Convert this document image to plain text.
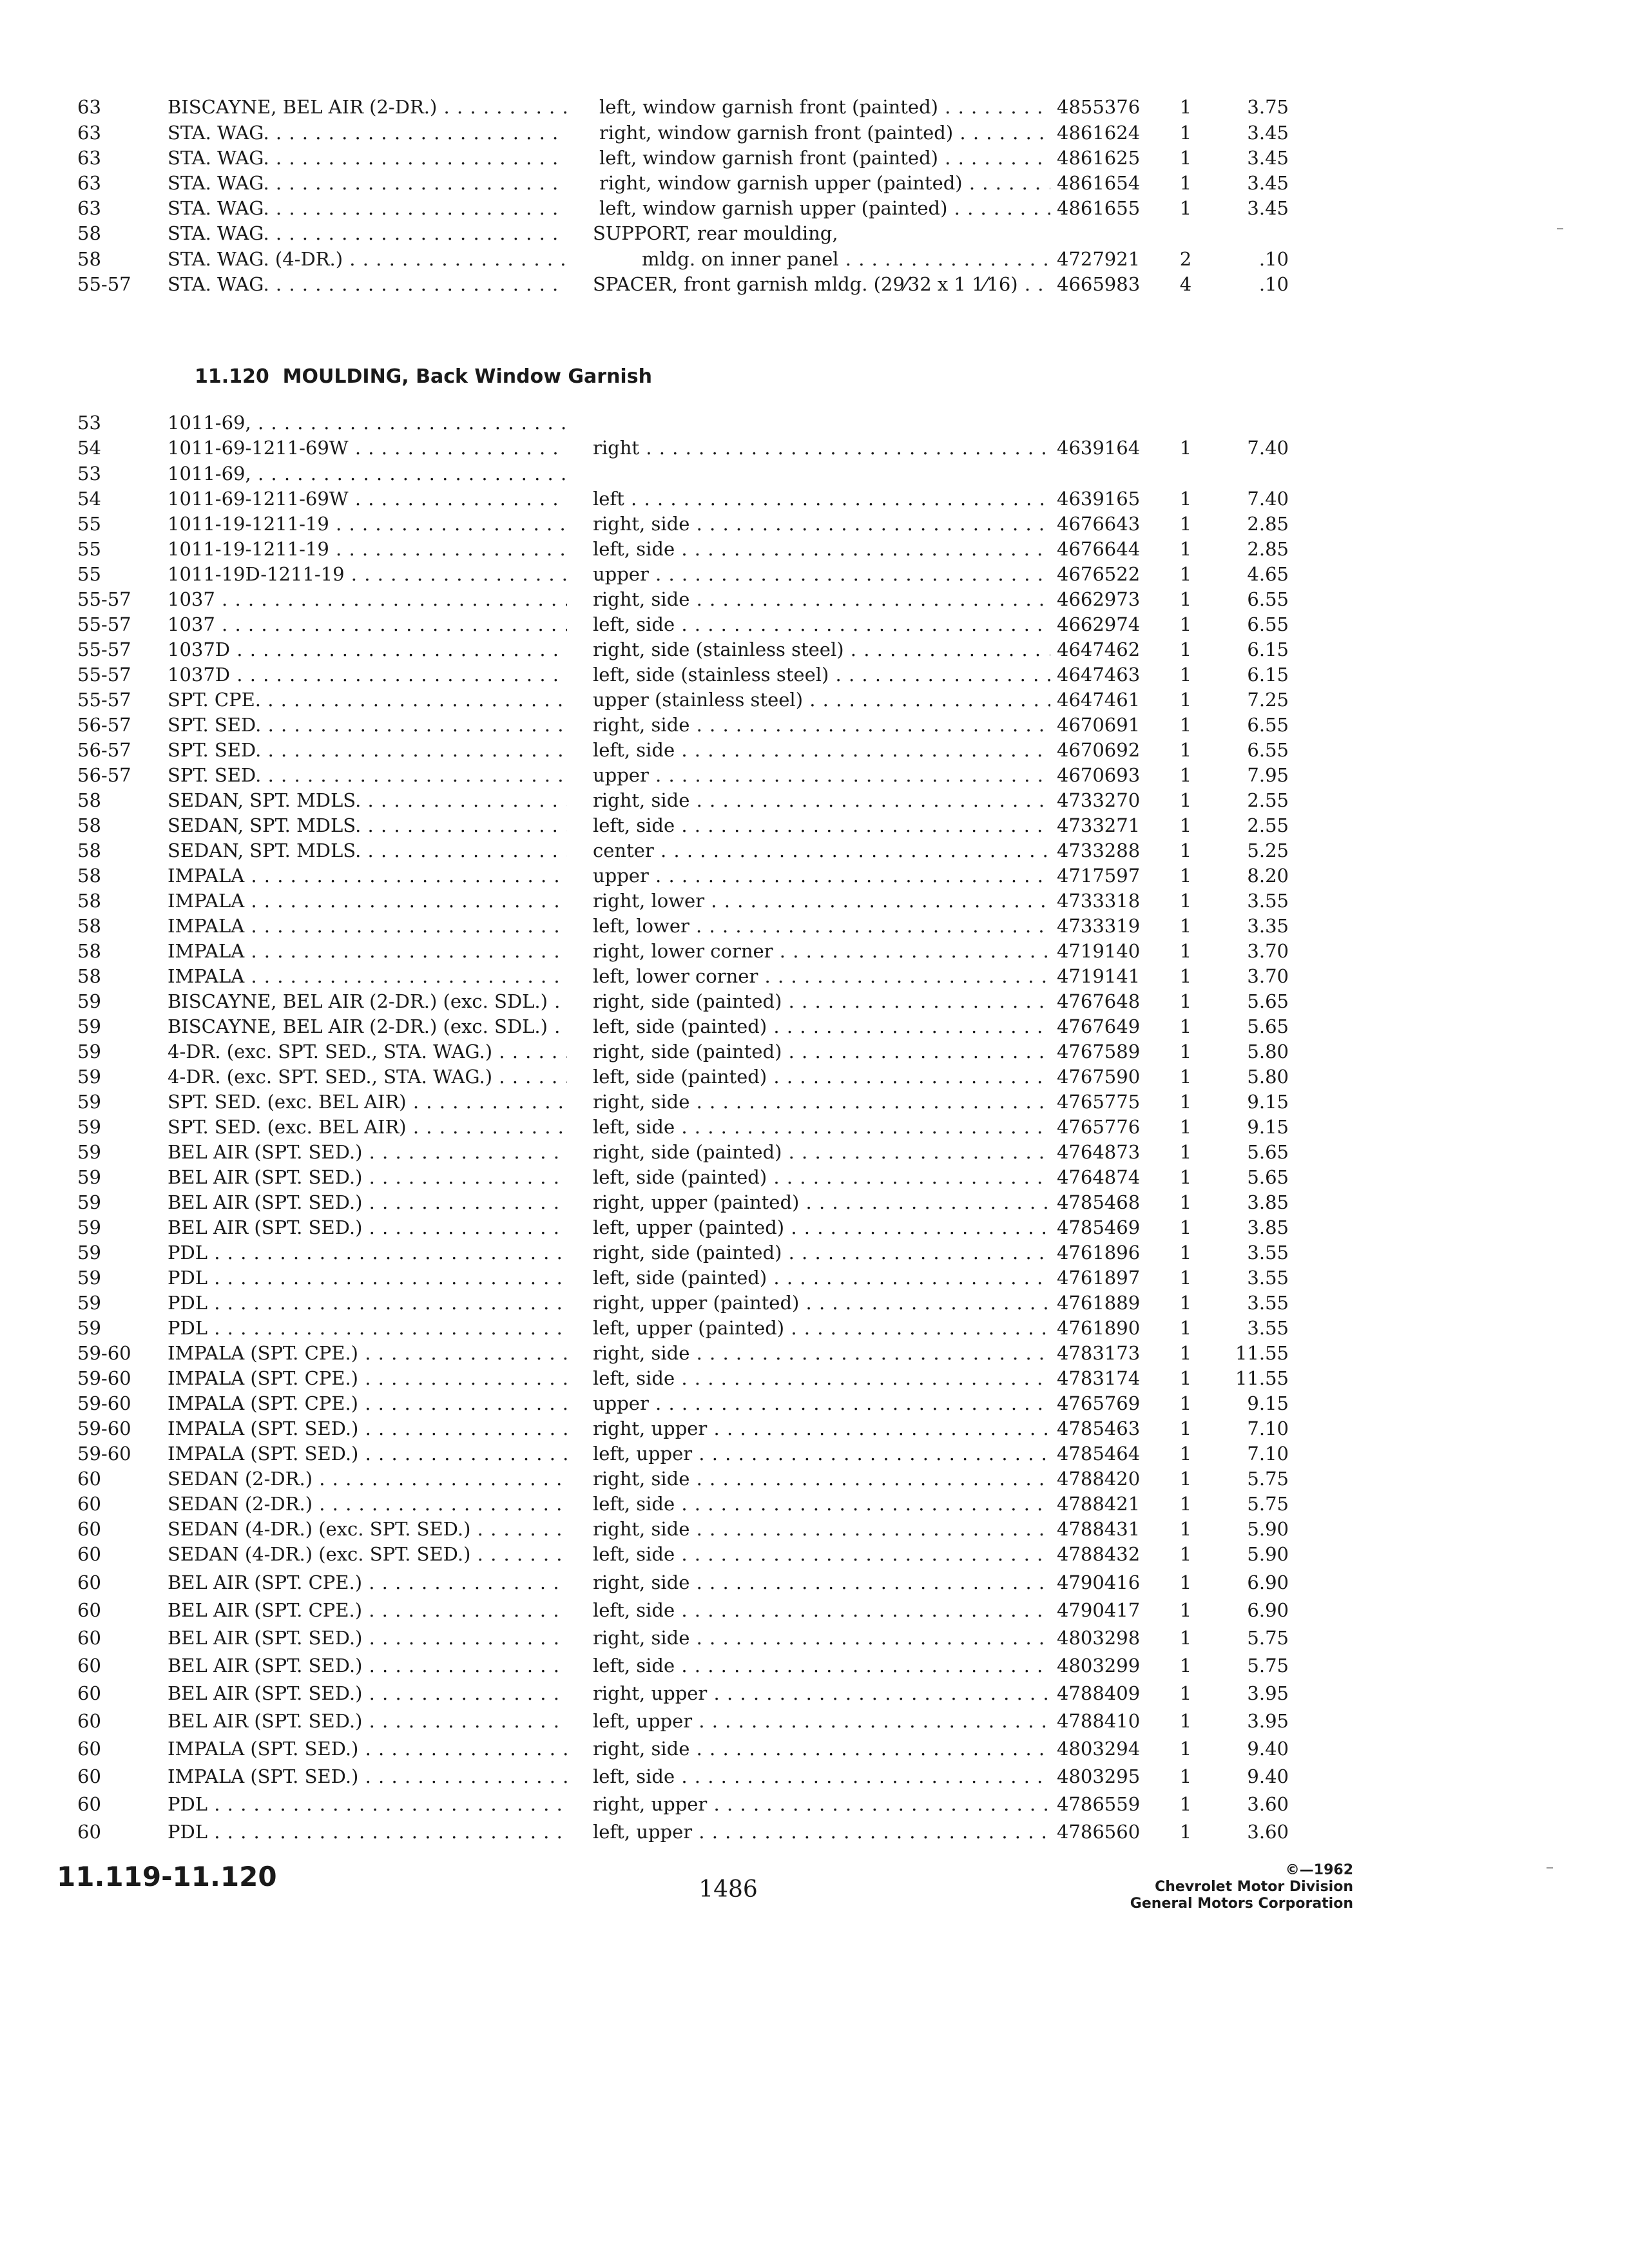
63	BISCAYNE, BEL AIR (2-DR.) . . .	left, window garnish front (painted) . . .	4855376	1	3.75
63	STA. WAG. . . .	right, window garnish front (painted) . . .	4861624	1	3.45
63	STA. WAG. . . .	left, window garnish front (painted) . . .	4861625	1	3.45
63	STA. WAG. . . .	right, window garnish upper (painted) . . .	4861654	1	3.45
63	STA. WAG. . . .	left, window garnish upper (painted) . . .	4861655	1	3.45
58	STA. WAG. . . .	SUPPORT, rear moulding,
58	STA. WAG. (4-DR.) . . .	mldg. on inner panel . . .	4727921	2	.10
55-57	STA. WAG. . . .	SPACER, front garnish mldg. (29⁄32 x 1 1⁄16) . . .	4665983	4	.10
11.120 MOULDING, Back Window Garnish
53	1011-69, . . .
54	1011-69-1211-69W . . .	right . . .	4639164	1	7.40
53	1011-69, . . .
54	1011-69-1211-69W . . .	left . . .	4639165	1	7.40
55	1011-19-1211-19 . . .	right, side . . .	4676643	1	2.85
55	1011-19-1211-19 . . .	left, side . . .	4676644	1	2.85
55	1011-19D-1211-19 . . .	upper . . .	4676522	1	4.65
55-57	1037 . . .	right, side . . .	4662973	1	6.55
55-57	1037 . . .	left, side . . .	4662974	1	6.55
55-57	1037D . . .	right, side (stainless steel) . . .	4647462	1	6.15
55-57	1037D . . .	left, side (stainless steel) . . .	4647463	1	6.15
55-57	SPT. CPE. . . .	upper (stainless steel) . . .	4647461	1	7.25
56-57	SPT. SED. . . .	right, side . . .	4670691	1	6.55
56-57	SPT. SED. . . .	left, side . . .	4670692	1	6.55
56-57	SPT. SED. . . .	upper . . .	4670693	1	7.95
58	SEDAN, SPT. MDLS. . . .	right, side . . .	4733270	1	2.55
58	SEDAN, SPT. MDLS. . . .	left, side . . .	4733271	1	2.55
58	SEDAN, SPT. MDLS. . . .	center . . .	4733288	1	5.25
58	IMPALA . . .	upper . . .	4717597	1	8.20
58	IMPALA . . .	right, lower . . .	4733318	1	3.55
58	IMPALA . . .	left, lower . . .	4733319	1	3.35
58	IMPALA . . .	right, lower corner . . .	4719140	1	3.70
58	IMPALA . . .	left, lower corner . . .	4719141	1	3.70
59	BISCAYNE, BEL AIR (2-DR.) (exc. SDL.) . . .	right, side (painted) . . .	4767648	1	5.65
59	BISCAYNE, BEL AIR (2-DR.) (exc. SDL.) . . .	left, side (painted) . . .	4767649	1	5.65
59	4-DR. (exc. SPT. SED., STA. WAG.) . . .	right, side (painted) . . .	4767589	1	5.80
59	4-DR. (exc. SPT. SED., STA. WAG.) . . .	left, side (painted) . . .	4767590	1	5.80
59	SPT. SED. (exc. BEL AIR) . . .	right, side . . .	4765775	1	9.15
59	SPT. SED. (exc. BEL AIR) . . .	left, side . . .	4765776	1	9.15
59	BEL AIR (SPT. SED.) . . .	right, side (painted) . . .	4764873	1	5.65
59	BEL AIR (SPT. SED.) . . .	left, side (painted) . . .	4764874	1	5.65
59	BEL AIR (SPT. SED.) . . .	right, upper (painted) . . .	4785468	1	3.85
59	BEL AIR (SPT. SED.) . . .	left, upper (painted) . . .	4785469	1	3.85
59	PDL . . .	right, side (painted) . . .	4761896	1	3.55
59	PDL . . .	left, side (painted) . . .	4761897	1	3.55
59	PDL . . .	right, upper (painted) . . .	4761889	1	3.55
59	PDL . . .	left, upper (painted) . . .	4761890	1	3.55
59-60	IMPALA (SPT. CPE.) . . .	right, side . . .	4783173	1	11.55
59-60	IMPALA (SPT. CPE.) . . .	left, side . . .	4783174	1	11.55
59-60	IMPALA (SPT. CPE.) . . .	upper . . .	4765769	1	9.15
59-60	IMPALA (SPT. SED.) . . .	right, upper . . .	4785463	1	7.10
59-60	IMPALA (SPT. SED.) . . .	left, upper . . .	4785464	1	7.10
60	SEDAN (2-DR.) . . .	right, side . . .	4788420	1	5.75
60	SEDAN (2-DR.) . . .	left, side . . .	4788421	1	5.75
60	SEDAN (4-DR.) (exc. SPT. SED.) . . .	right, side . . .	4788431	1	5.90
60	SEDAN (4-DR.) (exc. SPT. SED.) . . .	left, side . . .	4788432	1	5.90
60	BEL AIR (SPT. CPE.) . . .	right, side . . .	4790416	1	6.90
60	BEL AIR (SPT. CPE.) . . .	left, side . . .	4790417	1	6.90
60	BEL AIR (SPT. SED.) . . .	right, side . . .	4803298	1	5.75
60	BEL AIR (SPT. SED.) . . .	left, side . . .	4803299	1	5.75
60	BEL AIR (SPT. SED.) . . .	right, upper . . .	4788409	1	3.95
60	BEL AIR (SPT. SED.) . . .	left, upper . . .	4788410	1	3.95
60	IMPALA (SPT. SED.) . . .	right, side . . .	4803294	1	9.40
60	IMPALA (SPT. SED.) . . .	left, side . . .	4803295	1	9.40
60	PDL . . .	right, upper . . .	4786559	1	3.60
60	PDL . . .	left, upper . . .	4786560	1	3.60
11.119-11.120	1486
©—1962
Chevrolet Motor Division
General Motors Corporation
